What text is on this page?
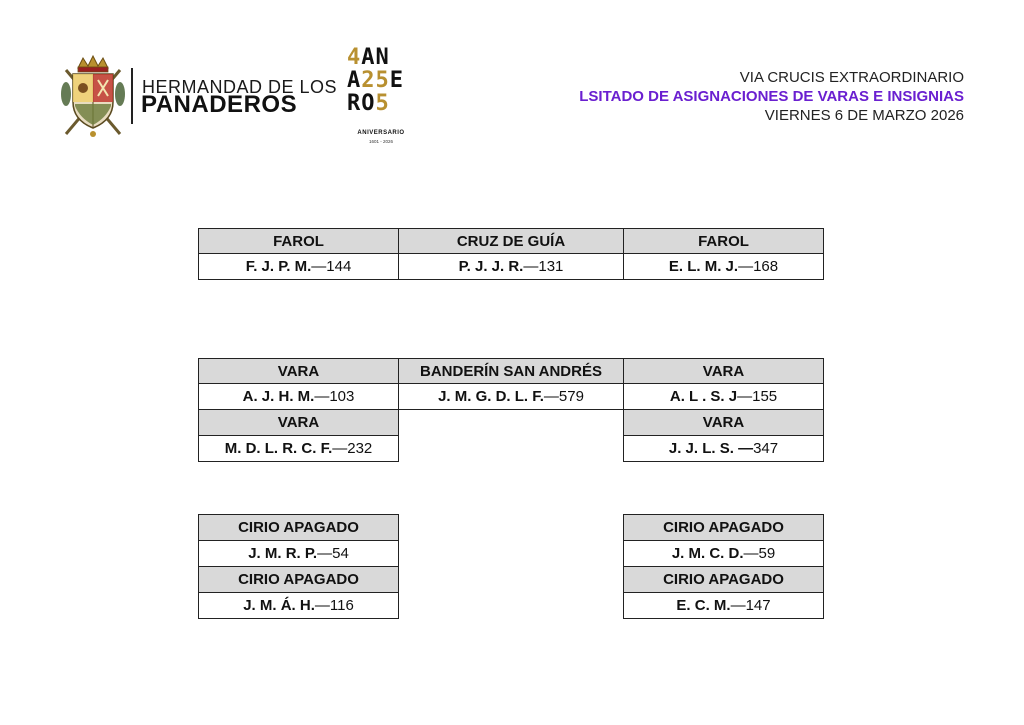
HERMANDAD DE LOS
PANADEROS
4AN
A25E
RO5
ANIVERSARIO
1601 - 2026
VIA CRUCIS EXTRAORDINARIO
LSITADO DE ASIGNACIONES DE VARAS E INSIGNIAS
VIERNES 6 DE MARZO 2026
FAROL
F. J. P. M. — 144
CRUZ DE GUÍA
P. J. J. R. — 131
FAROL
E. L. M. J. — 168
VARA
A. J. H. M. — 103
BANDERÍN SAN ANDRÉS
J. M. G. D. L. F. — 579
VARA
A. L . S. J — 155
VARA
M. D. L. R. C. F. — 232
VARA
J. J. L. S. — 347
CIRIO APAGADO
J. M. R. P. — 54
CIRIO APAGADO
J. M. Á. H. — 116
CIRIO APAGADO
J. M. C. D. — 59
CIRIO APAGADO
E. C. M. — 147
